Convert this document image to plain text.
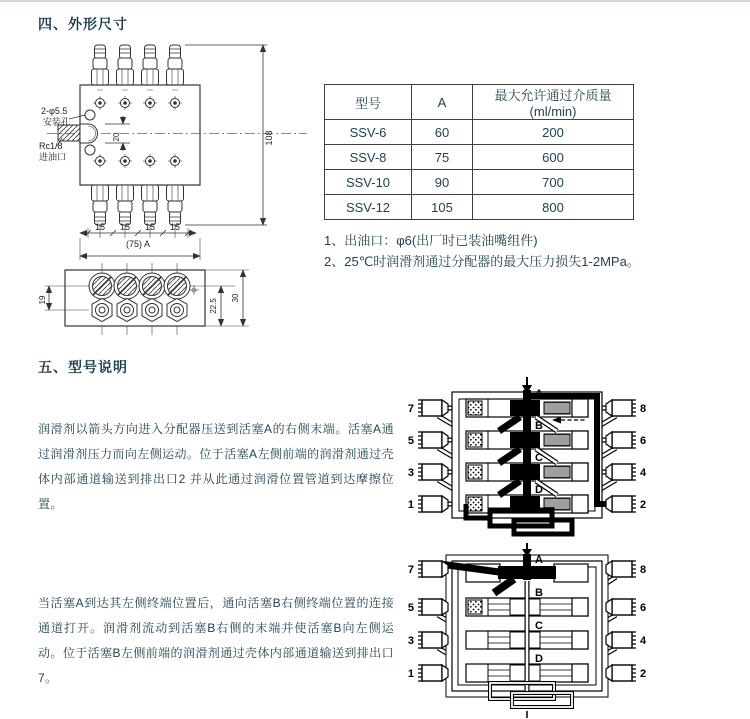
四、外形尺寸
20
2-φ5.5
安装孔
Rc1/8
进油口
108
15 15 15 15
(75) A
19	22.5
30
型号	A	最大允许通过介质量(ml/min)
SSV-6	60	200
SSV-8	75	600
SSV-10	90	700
SSV-12	105	800
1、出油口：φ6(出厂时已装油嘴组件)
2、25℃时润滑剂通过分配器的最大压力损失1-2MPa。
五、型号说明
润滑剂以箭头方向进入分配器压送到活塞A的右侧末端。活塞A通过润滑剂压力而向左侧运动。位于活塞A左侧前端的润滑剂通过壳体内部通道输送到排出口2 并从此通过润滑位置管道到达摩擦位置。
当活塞A到达其左侧终端位置后，通向活塞B右侧终端位置的连接通道打开。润滑剂流动到活塞B右侧的末端并使活塞B向左侧运动。位于活塞B左侧前端的润滑剂通过壳体内部通道输送到排出口7。
7
5
3
1
8
6
4
2
A
B
C
D
7
5
3
1
8
6
4
2
A
B
C
D
